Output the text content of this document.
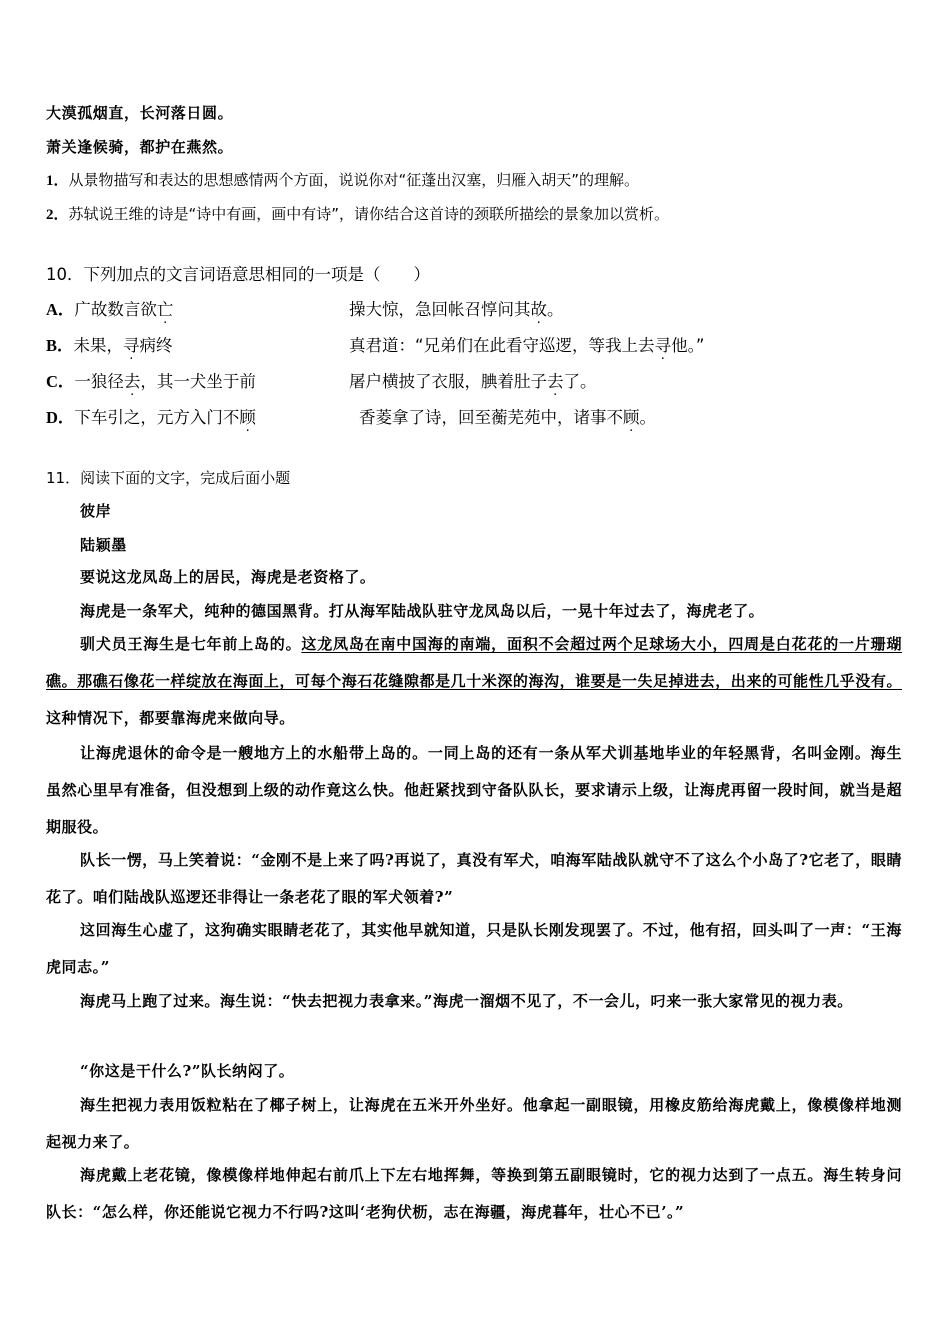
大漠孤烟直，长河落日圆。
萧关逢候骑，都护在燕然。
1．从景物描写和表达的思想感情两个方面，说说你对“征蓬出汉塞，归雁入胡天”的理解。
2．苏轼说王维的诗是“诗中有画，画中有诗”，请你结合这首诗的颈联所描绘的景象加以赏析。
10．下列加点的文言词语意思相同的一项是（　　）
A．广故数言欲亡	操大惊，急回帐召惇问其故。
B．未果，寻病终	真君道：“兄弟们在此看守巡逻，等我上去寻他。”
C．一狼径去，其一犬坐于前	屠户横披了衣服，腆着肚子去了。
D．下车引之，元方入门不顾	香菱拿了诗，回至蘅芜苑中，诸事不顾。
11．阅读下面的文字，完成后面小题
彼岸
陆颖墨
要说这龙凤岛上的居民，海虎是老资格了。
海虎是一条军犬，纯种的德国黑背。打从海军陆战队驻守龙凤岛以后，一晃十年过去了，海虎老了。
驯犬员王海生是七年前上岛的。这龙凤岛在南中国海的南端，面积不会超过两个足球场大小，四周是白花花的一片珊瑚礁。那礁石像花一样绽放在海面上，可每个海石花缝隙都是几十米深的海沟，谁要是一失足掉进去，出来的可能性几乎没有。这种情况下，都要靠海虎来做向导。
让海虎退休的命令是一艘地方上的水船带上岛的。一同上岛的还有一条从军犬训基地毕业的年轻黑背，名叫金刚。海生虽然心里早有准备，但没想到上级的动作竟这么快。他赶紧找到守备队队长，要求请示上级，让海虎再留一段时间，就当是超期服役。
队长一愣，马上笑着说：“金刚不是上来了吗?再说了，真没有军犬，咱海军陆战队就守不了这么个小岛了?它老了，眼睛花了。咱们陆战队巡逻还非得让一条老花了眼的军犬领着?”
这回海生心虚了，这狗确实眼睛老花了，其实他早就知道，只是队长刚发现罢了。不过，他有招，回头叫了一声：“王海虎同志。”
海虎马上跑了过来。海生说：“快去把视力表拿来。”海虎一溜烟不见了，不一会儿，叼来一张大家常见的视力表。
“你这是干什么?”队长纳闷了。
海生把视力表用饭粒粘在了椰子树上，让海虎在五米开外坐好。他拿起一副眼镜，用橡皮筋给海虎戴上，像模像样地测起视力来了。
海虎戴上老花镜，像模像样地伸起右前爪上下左右地挥舞，等换到第五副眼镜时，它的视力达到了一点五。海生转身问队长：“怎么样，你还能说它视力不行吗?这叫‘老狗伏枥，志在海疆，海虎暮年，壮心不已’。”
